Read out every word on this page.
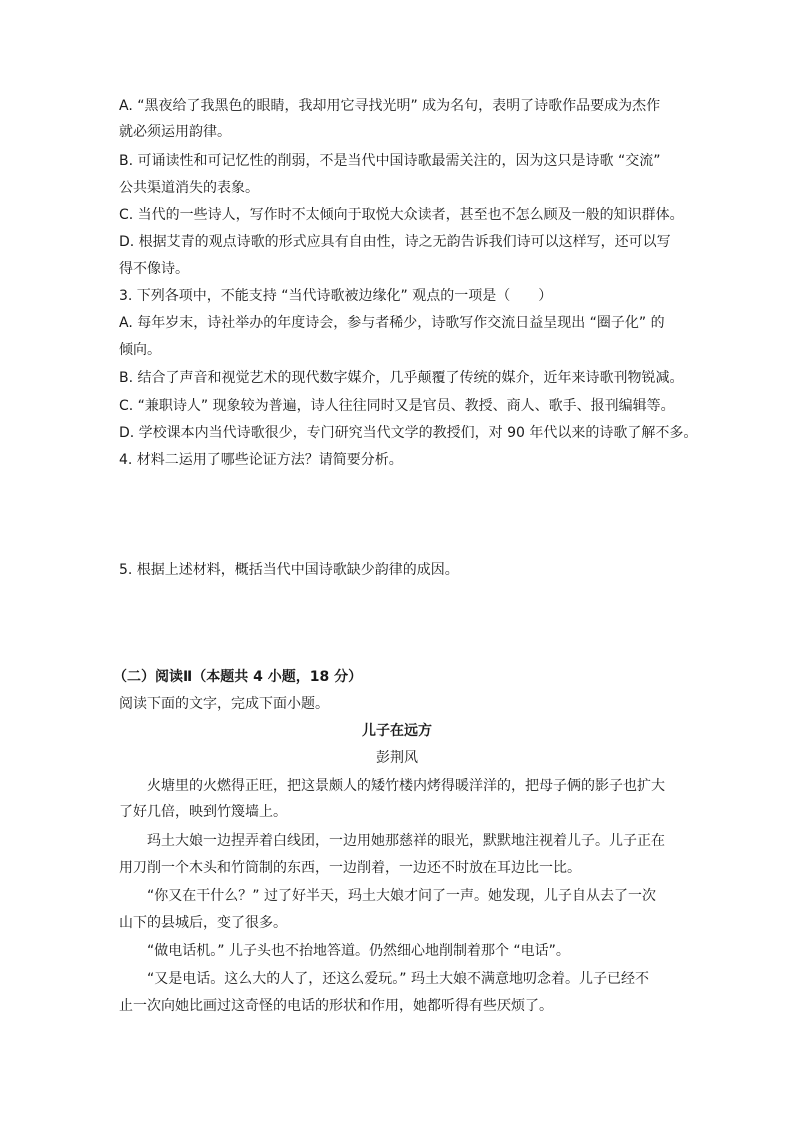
A. “黑夜给了我黑色的眼睛，我却用它寻找光明” 成为名句，表明了诗歌作品要成为杰作
就必须运用韵律。
B. 可诵读性和可记忆性的削弱，不是当代中国诗歌最需关注的，因为这只是诗歌 “交流”
公共渠道消失的表象。
C. 当代的一些诗人，写作时不太倾向于取悦大众读者，甚至也不怎么顾及一般的知识群体。
D. 根据艾青的观点诗歌的形式应具有自由性，诗之无韵告诉我们诗可以这样写，还可以写
得不像诗。
3. 下列各项中，不能支持 “当代诗歌被边缘化” 观点的一项是（　　）
A. 每年岁末，诗社举办的年度诗会，参与者稀少，诗歌写作交流日益呈现出 “圈子化” 的
倾向。
B. 结合了声音和视觉艺术的现代数字媒介，几乎颠覆了传统的媒介，近年来诗歌刊物锐减。
C. “兼职诗人” 现象较为普遍，诗人往往同时又是官员、教授、商人、歌手、报刊编辑等。
D. 学校课本内当代诗歌很少，专门研究当代文学的教授们，对 90 年代以来的诗歌了解不多。
4. 材料二运用了哪些论证方法？请简要分析。
5. 根据上述材料，概括当代中国诗歌缺少韵律的成因。
（二）阅读Ⅱ（本题共 4 小题，18 分）
阅读下面的文字，完成下面小题。
儿子在远方
彭荆风
火塘里的火燃得正旺，把这景颇人的矮竹楼内烤得暖洋洋的，把母子俩的影子也扩大
了好几倍，映到竹篾墙上。
玛土大娘一边捏弄着白线团，一边用她那慈祥的眼光，默默地注视着儿子。儿子正在
用刀削一个木头和竹筒制的东西，一边削着，一边还不时放在耳边比一比。
“你又在干什么？” 过了好半天，玛土大娘才问了一声。她发现，儿子自从去了一次
山下的县城后，变了很多。
“做电话机。” 儿子头也不抬地答道。仍然细心地削制着那个 “电话”。
“又是电话。这么大的人了，还这么爱玩。” 玛土大娘不满意地叨念着。儿子已经不
止一次向她比画过这奇怪的电话的形状和作用，她都听得有些厌烦了。
